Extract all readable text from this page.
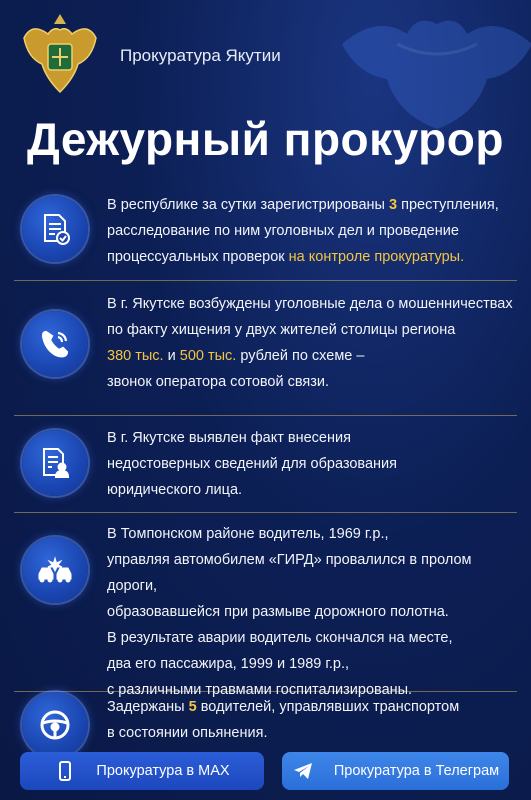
Прокуратура Якутии
Дежурный прокурор
В республике за сутки зарегистрированы 3 преступления,
расследование по ним уголовных дел и проведение
процессуальных проверок на контроле прокуратуры.
В г. Якутске возбуждены уголовные дела о мошенничествах
по факту хищения у двух жителей столицы региона
380 тыс. и 500 тыс. рублей по схеме –
звонок оператора сотовой связи.
В г. Якутске выявлен факт внесения
недостоверных сведений для образования
юридического лица.
В Томпонском районе водитель, 1969 г.р.,
управляя автомобилем «ГИРД» провалился в пролом дороги,
образовавшейся при размыве дорожного полотна.
В результате аварии водитель скончался на месте,
два его пассажира, 1999 и 1989 г.р.,
с различными травмами госпитализированы.
Задержаны 5 водителей, управлявших транспортом
в состоянии опьянения.
Прокуратура в MAX	Прокуратура в Телеграм
